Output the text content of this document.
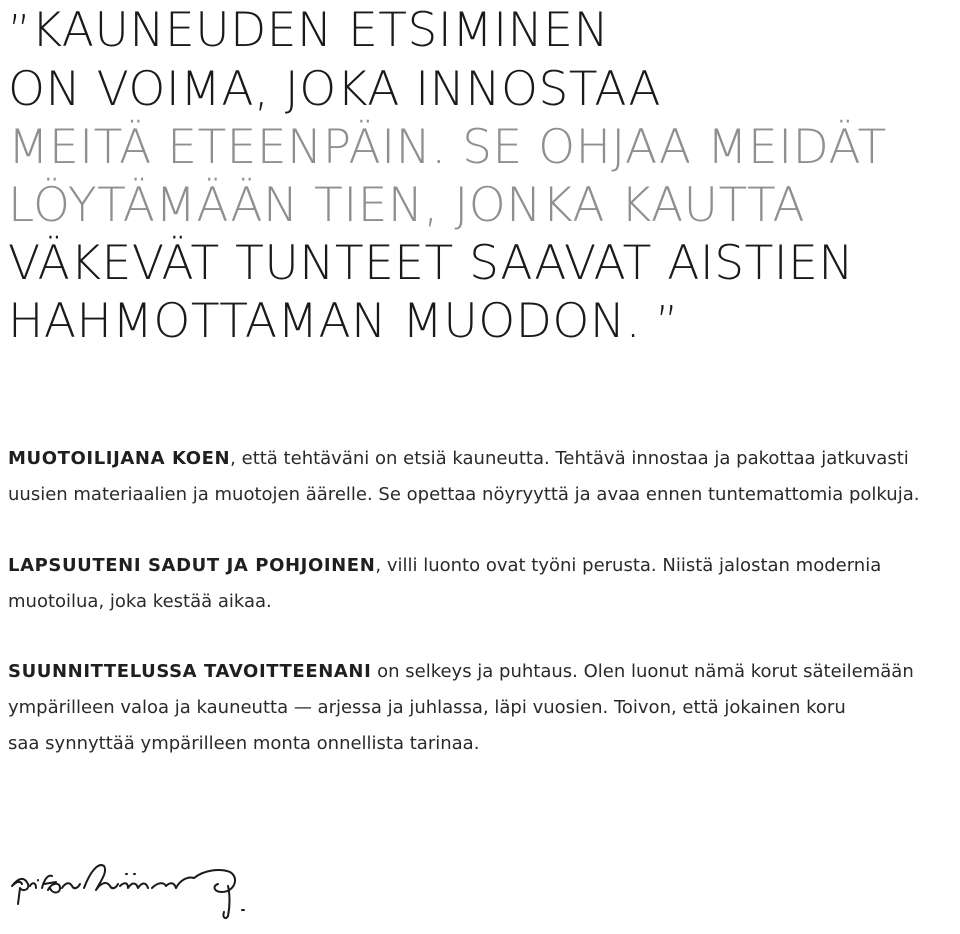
”KAUNEUDEN ETSIMINEN
ON VOIMA, JOKA INNOSTAA
MEITÄ ETEENPÄIN. SE OHJAA MEIDÄT
LÖYTÄMÄÄN TIEN, JONKA KAUTTA
VÄKEVÄT TUNTEET SAAVAT AISTIEN
HAHMOTTAMAN MUODON. ”
MUOTOILIJANA KOEN, että tehtäväni on etsiä kauneutta. Tehtävä innostaa ja pakottaa jatkuvasti
uusien materiaalien ja muotojen äärelle. Se opettaa nöyryyttä ja avaa ennen tuntemattomia polkuja.
LAPSUUTENI SADUT JA POHJOINEN, villi luonto ovat työni perusta. Niistä jalostan modernia
muotoilua, joka kestää aikaa.
SUUNNITTELUSSA TAVOITTEENANI on selkeys ja puhtaus. Olen luonut nämä korut säteilemään
ympärilleen valoa ja kauneutta — arjessa ja juhlassa, läpi vuosien. Toivon, että jokainen koru
saa synnyttää ympärilleen monta onnellista tarinaa.
